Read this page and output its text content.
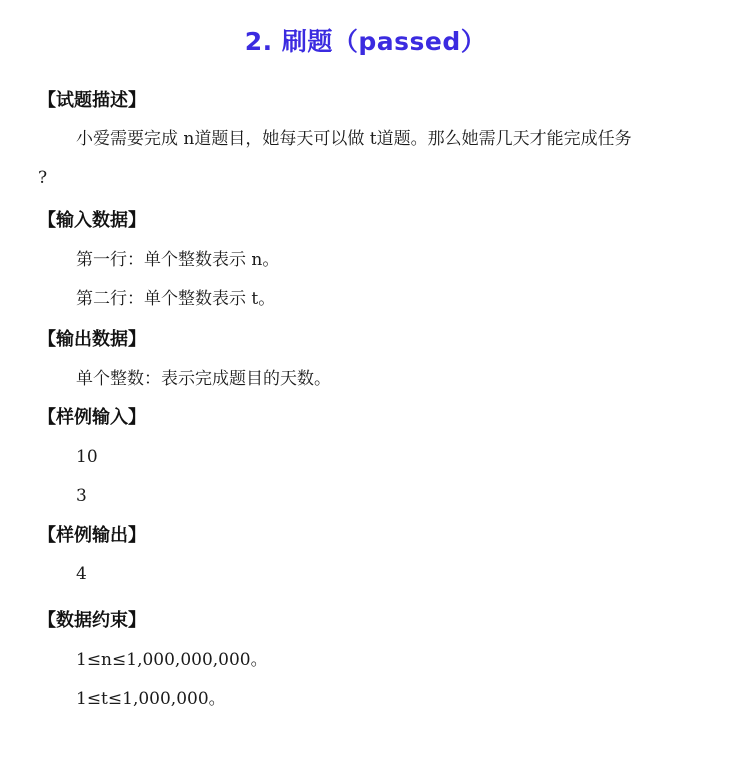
2. 刷题（passed）
【试题描述】
小爱需要完成 n道题目，她每天可以做 t道题。那么她需几天才能完成任务
?
【输入数据】
第一行：单个整数表示 n。
第二行：单个整数表示 t。
【输出数据】
单个整数：表示完成题目的天数。
【样例输入】
10
3
【样例输出】
4
【数据约束】
1≤n≤1,000,000,000。
1≤t≤1,000,000。
